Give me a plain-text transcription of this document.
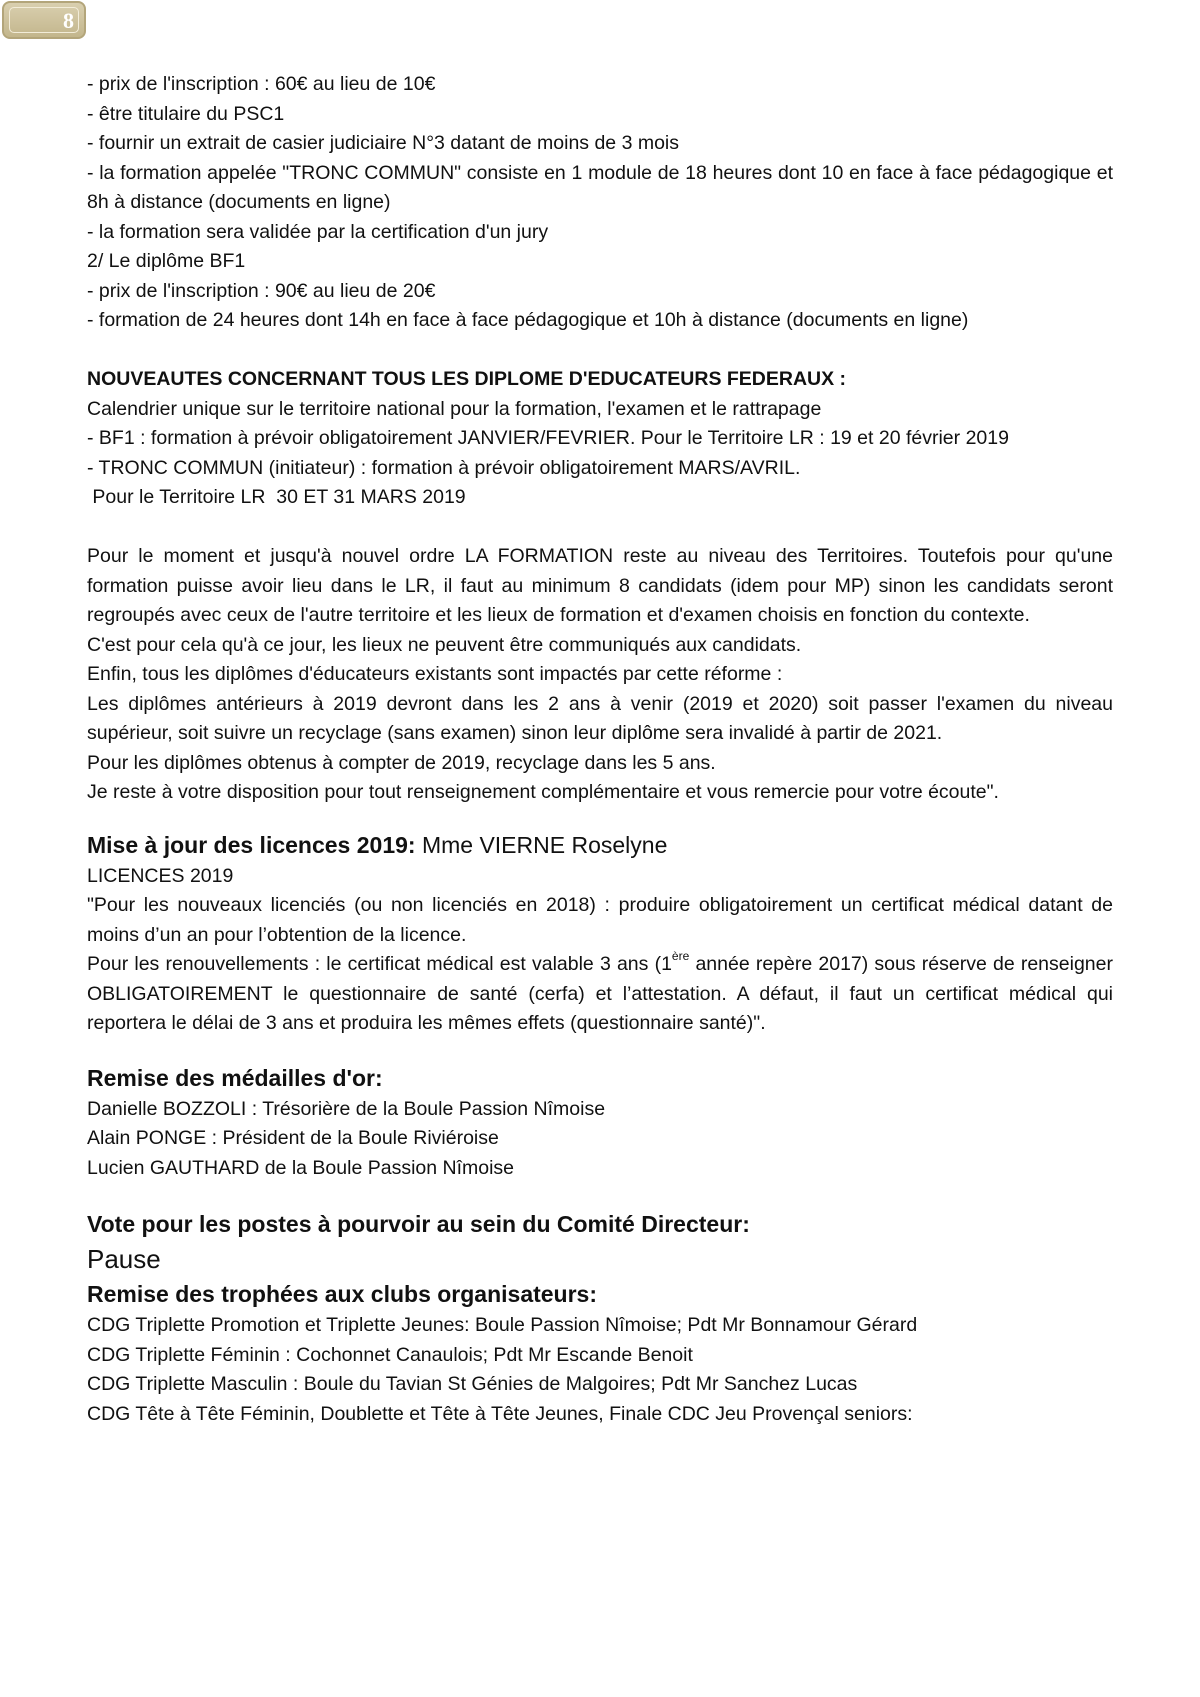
8

- prix de l'inscription : 60€ au lieu de 10€

- être titulaire du PSC1

- fournir un extrait de casier judiciaire N°3 datant de moins de 3 mois

- la formation appelée "TRONC COMMUN" consiste en 1 module de 18 heures dont 10 en face à face pédagogique et 8h à distance (documents en ligne)

- la formation sera validée par la certification d'un jury

2/ Le diplôme BF1

- prix de l'inscription : 90€ au lieu de 20€

- formation de 24 heures dont 14h en face à face pédagogique et 10h à distance (documents en ligne)

NOUVEAUTES CONCERNANT TOUS LES DIPLOME D'EDUCATEURS FEDERAUX :

Calendrier unique sur le territoire national pour la formation, l'examen et le rattrapage

- BF1 : formation à prévoir obligatoirement JANVIER/FEVRIER. Pour le Territoire LR : 19 et 20 février 2019

- TRONC COMMUN (initiateur) : formation à prévoir obligatoirement MARS/AVRIL.

Pour le Territoire LR  30 ET 31 MARS 2019

Pour le moment et jusqu'à nouvel ordre LA FORMATION reste au niveau des Territoires. Toutefois pour qu'une formation puisse avoir lieu dans le LR, il faut au minimum 8 candidats (idem pour MP) sinon les candidats seront regroupés avec ceux de l'autre territoire et les lieux de formation et d'examen choisis en fonction du contexte.

C'est pour cela qu'à ce jour, les lieux ne peuvent être communiqués aux candidats.

Enfin, tous les diplômes d'éducateurs existants sont impactés par cette réforme :

Les diplômes antérieurs à 2019 devront dans les 2 ans à venir (2019 et 2020) soit passer l'examen du niveau supérieur, soit suivre un recyclage (sans examen) sinon leur diplôme sera invalidé à partir de 2021.

Pour les diplômes obtenus à compter de 2019, recyclage dans les 5 ans.

Je reste à votre disposition pour tout renseignement complémentaire et vous remercie pour votre écoute".

Mise à jour des licences 2019: Mme VIERNE Roselyne

LICENCES 2019

"Pour les nouveaux licenciés (ou non licenciés en 2018) : produire obligatoirement un certificat médical datant de moins d’un an pour l’obtention de la licence.

Pour les renouvellements : le certificat médical est valable 3 ans (1ère année repère 2017) sous réserve de renseigner OBLIGATOIREMENT le questionnaire de santé (cerfa) et l’attestation. A défaut, il faut un certificat médical qui reportera le délai de 3 ans et produira les mêmes effets (questionnaire santé)".

Remise des médailles d'or:

Danielle BOZZOLI : Trésorière de la Boule Passion Nîmoise

Alain PONGE : Président de la Boule Riviéroise

Lucien GAUTHARD de la Boule Passion Nîmoise

Vote pour les postes à pourvoir au sein du Comité Directeur:

Pause

Remise des trophées aux clubs organisateurs:

CDG Triplette Promotion et Triplette Jeunes: Boule Passion Nîmoise; Pdt Mr Bonnamour Gérard

CDG Triplette Féminin : Cochonnet Canaulois; Pdt Mr Escande Benoit

CDG Triplette Masculin : Boule du Tavian St Génies de Malgoires; Pdt Mr Sanchez Lucas

CDG Tête à Tête Féminin, Doublette et Tête à Tête Jeunes, Finale CDC Jeu Provençal seniors:
